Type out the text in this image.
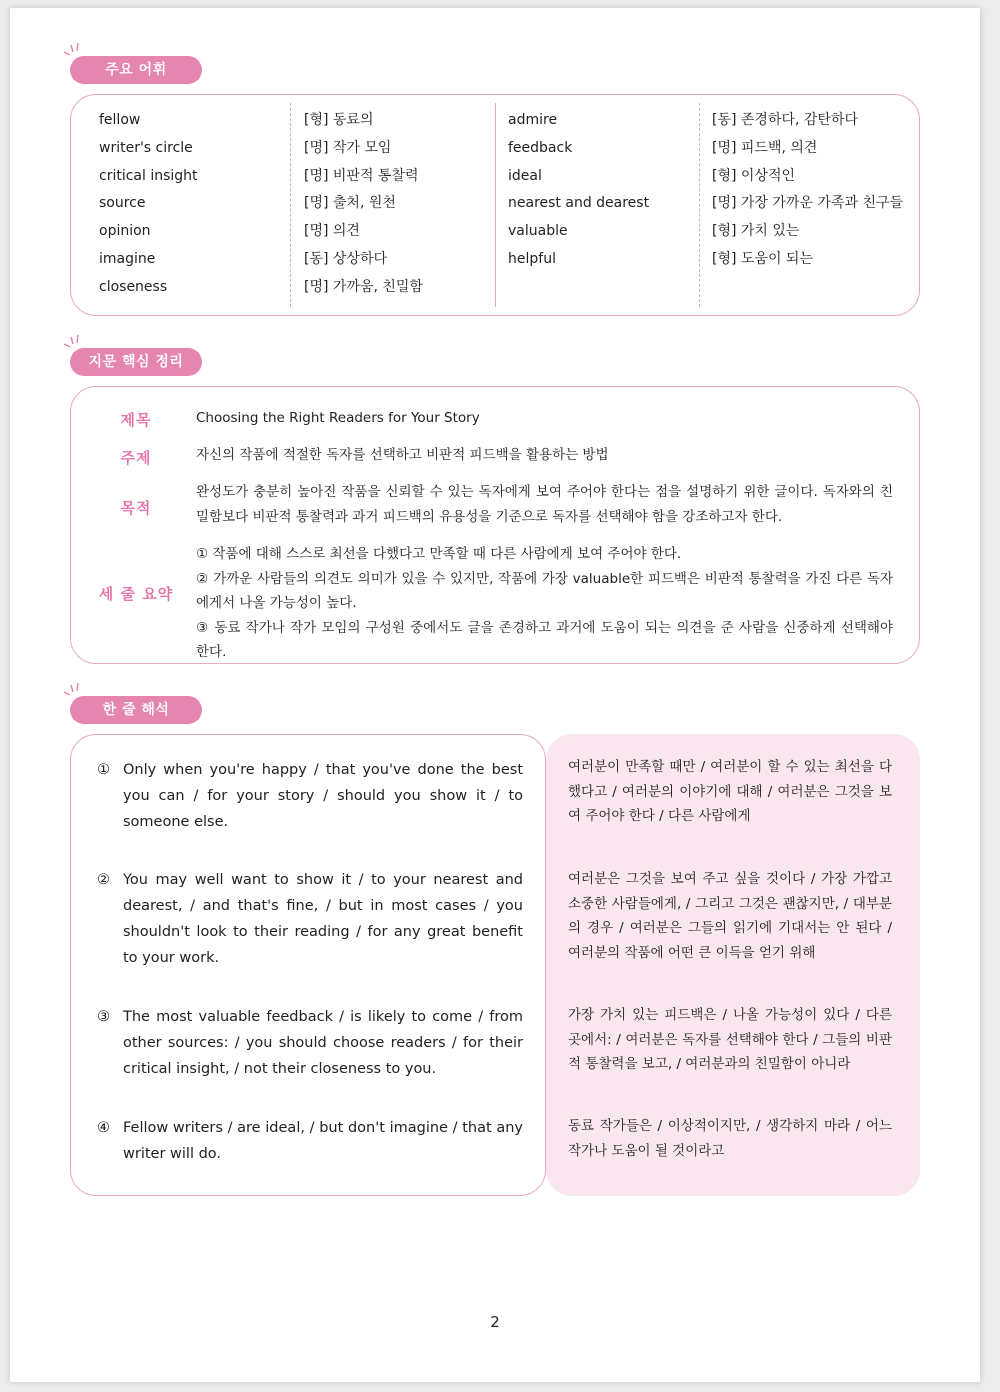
주요 어휘
fellow
writer's circle
critical insight
source
opinion
imagine
closeness
[형] 동료의
[명] 작가 모임
[명] 비판적 통찰력
[명] 출처, 원천
[명] 의견
[동] 상상하다
[명] 가까움, 친밀함
admire
feedback
ideal
nearest and dearest
valuable
helpful
[동] 존경하다, 감탄하다
[명] 피드백, 의견
[형] 이상적인
[명] 가장 가까운 가족과 친구들
[형] 가치 있는
[형] 도움이 되는
지문 핵심 정리
제목	Choosing the Right Readers for Your Story
주제	자신의 작품에 적절한 독자를 선택하고 비판적 피드백을 활용하는 방법
목적
완성도가 충분히 높아진 작품을 신뢰할 수 있는 독자에게 보여 주어야 한다는 점을 설명하기 위한 글이다. 독자와의 친밀함보다 비판적 통찰력과 과거 피드백의 유용성을 기준으로 독자를 선택해야 함을 강조하고자 한다.
세 줄 요약

① 작품에 대해 스스로 최선을 다했다고 만족할 때 다른 사람에게 보여 주어야 한다.

② 가까운 사람들의 의견도 의미가 있을 수 있지만, 작품에 가장 valuable한 피드백은 비판적 통찰력을 가진 다른 독자에게서 나올 가능성이 높다.

③ 동료 작가나 작가 모임의 구성원 중에서도 글을 존경하고 과거에 도움이 되는 의견을 준 사람을 신중하게 선택해야 한다.

한 줄 해석
여러분이 만족할 때만 / 여러분이 할 수 있는 최선을 다했다고 / 여러분의 이야기에 대해 / 여러분은 그것을 보여 주어야 한다 / 다른 사람에게
여러분은 그것을 보여 주고 싶을 것이다 / 가장 가깝고 소중한 사람들에게, / 그리고 그것은 괜찮지만, / 대부분의 경우 / 여러분은 그들의 읽기에 기대서는 안 된다 / 여러분의 작품에 어떤 큰 이득을 얻기 위해
가장 가치 있는 피드백은 / 나올 가능성이 있다 / 다른 곳에서: / 여러분은 독자를 선택해야 한다 / 그들의 비판적 통찰력을 보고, / 여러분과의 친밀함이 아니라
동료 작가들은 / 이상적이지만, / 생각하지 마라 / 어느 작가나 도움이 될 것이라고
① Only when you're happy / that you've done the best you can / for your story / should you show it / to someone else.
② You may well want to show it / to your nearest and dearest, / and that's fine, / but in most cases / you shouldn't look to their reading / for any great benefit to your work.
③ The most valuable feedback / is likely to come / from other sources: / you should choose readers / for their critical insight, / not their closeness to you.
④ Fellow writers / are ideal, / but don't imagine / that any writer will do.
2
